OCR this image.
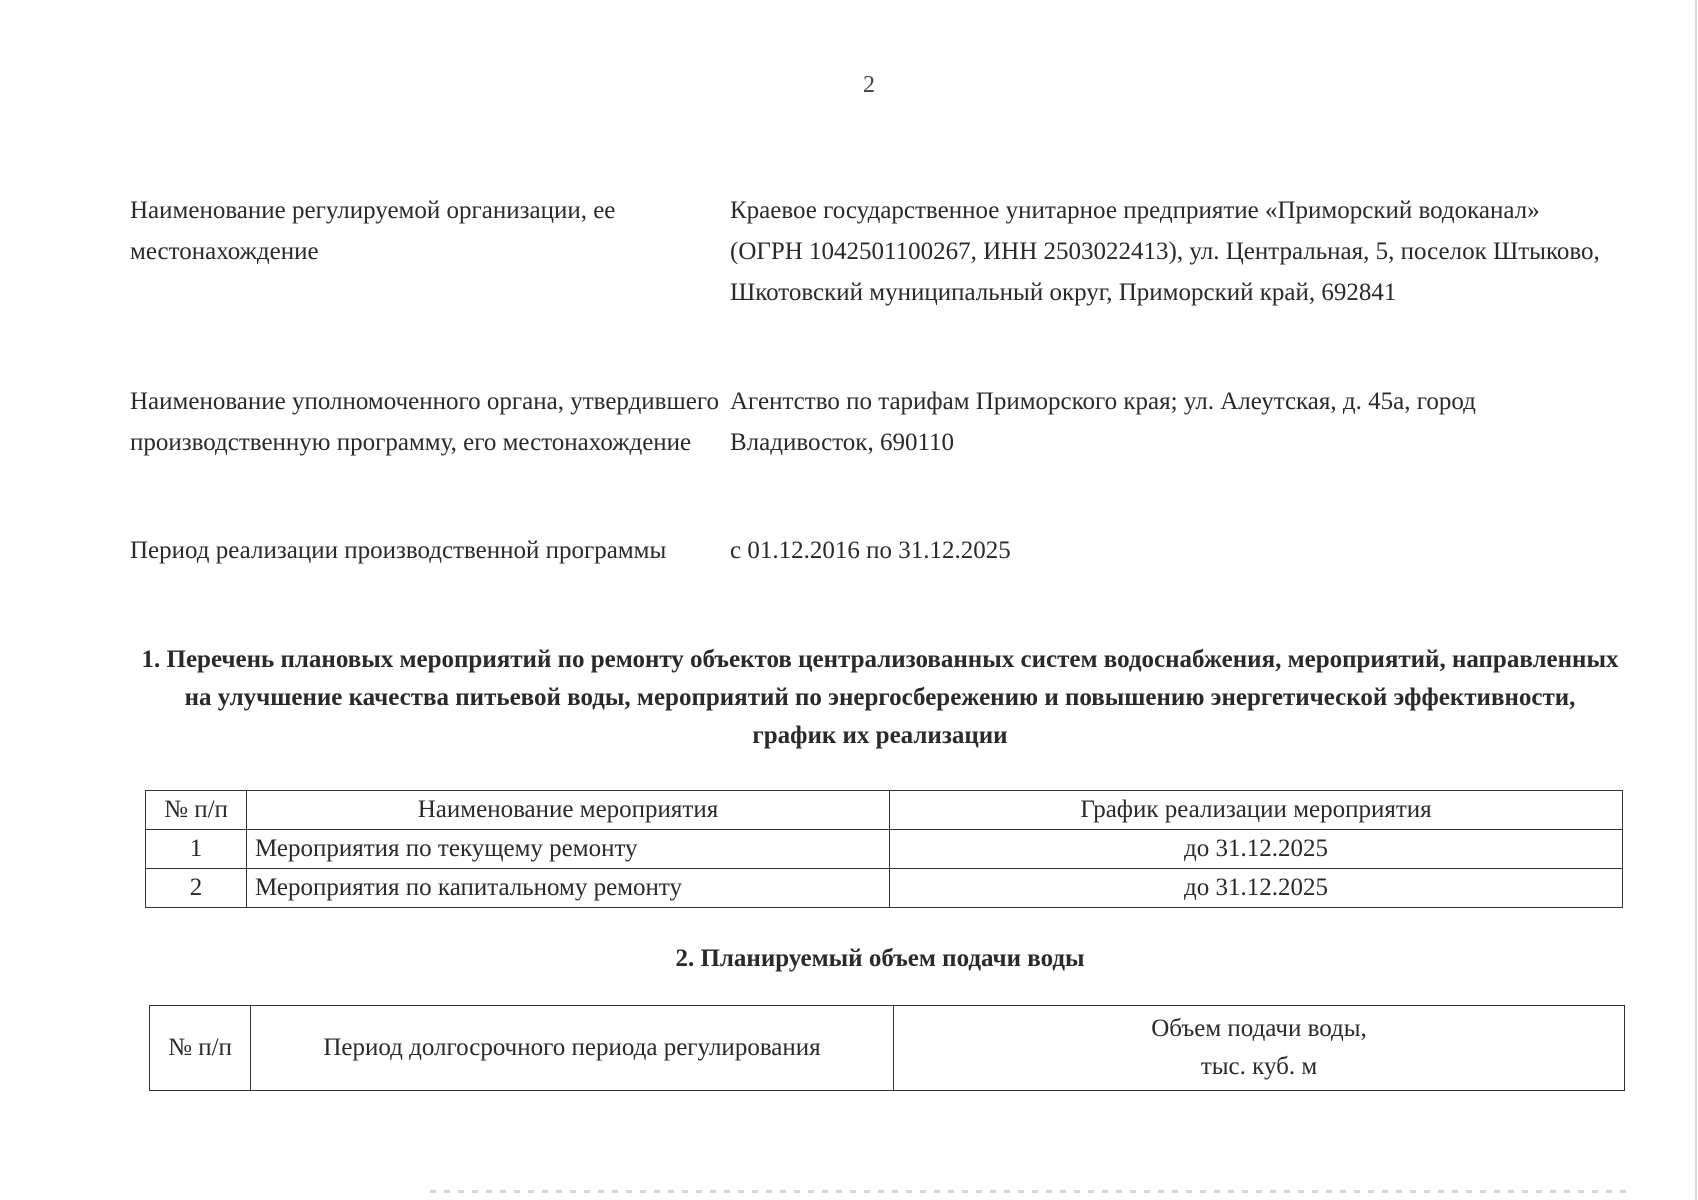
2
Наименование регулируемой организации, ее местонахождение
Краевое государственное унитарное предприятие «Приморский водоканал» (ОГРН 1042501100267, ИНН 2503022413), ул. Центральная, 5, поселок Штыково, Шкотовский муниципальный округ, Приморский край, 692841
Наименование уполномоченного органа, утвердившего производственную программу, его местонахождение
Агентство по тарифам Приморского края; ул. Алеутская, д. 45а, город Владивосток, 690110
Период реализации производственной программы	с 01.12.2016 по 31.12.2025
1. Перечень плановых мероприятий по ремонту объектов централизованных систем водоснабжения, мероприятий, направленных на улучшение качества питьевой воды, мероприятий по энергосбережению и повышению энергетической эффективности, график их реализации
№ п/п	Наименование мероприятия	График реализации мероприятия
1	Мероприятия по текущему ремонту	до 31.12.2025
2	Мероприятия по капитальному ремонту	до 31.12.2025
2. Планируемый объем подачи воды
№ п/п	Период долгосрочного периода регулирования	Объем подачи воды,
тыс. куб. м
